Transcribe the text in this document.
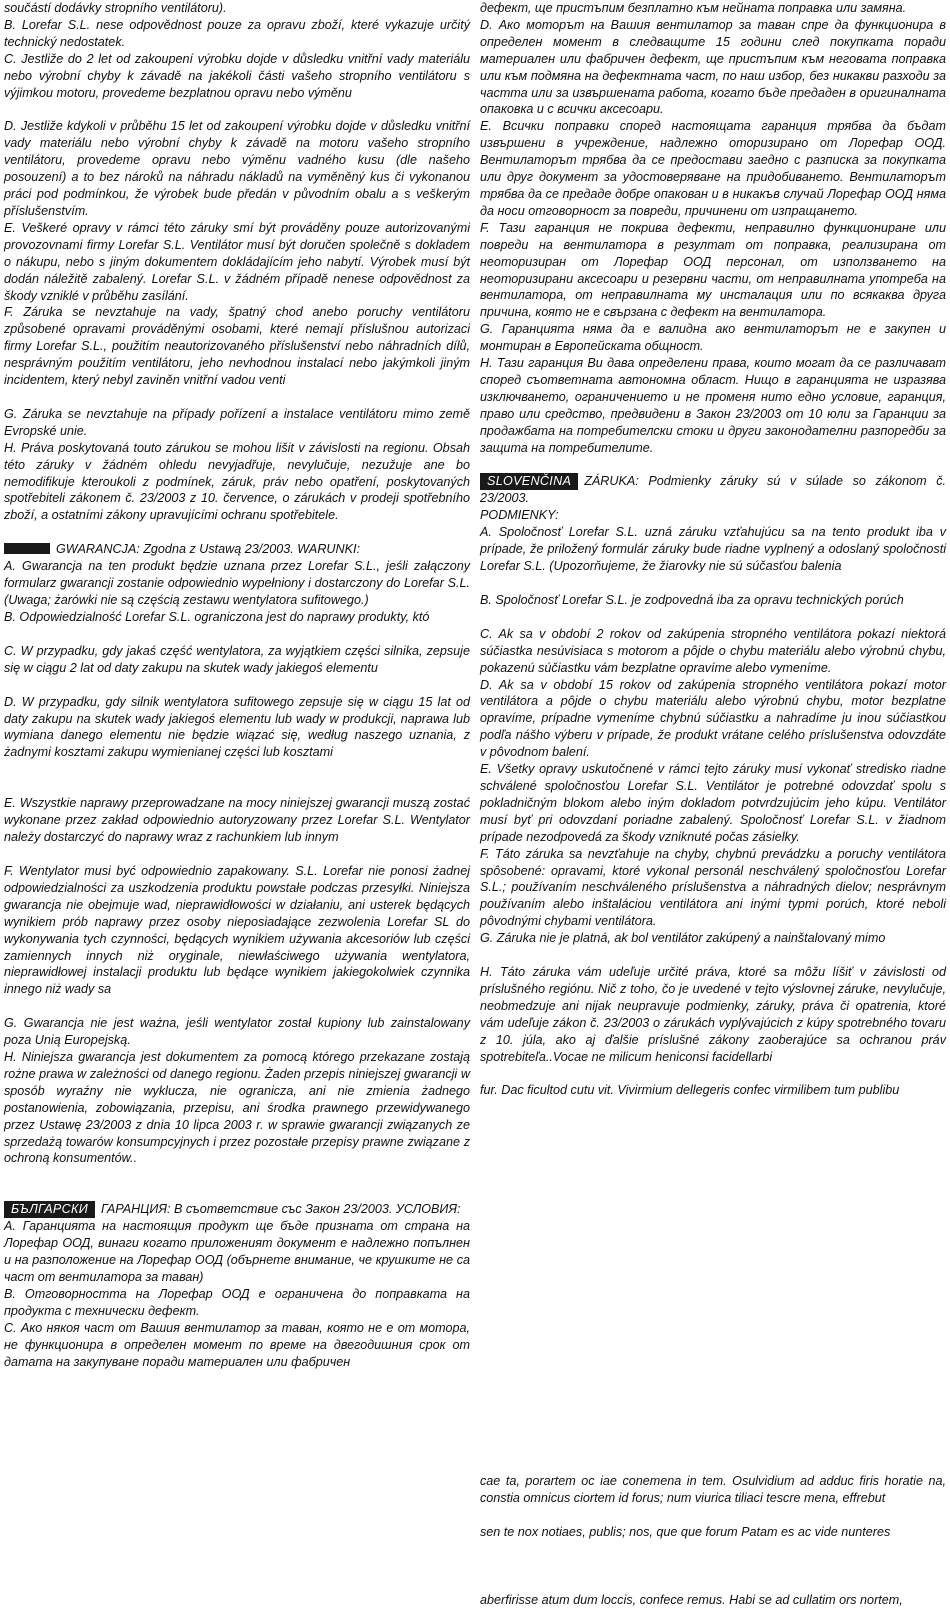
součástí dodávky stropního ventilátoru).
B. Lorefar S.L. nese odpovědnost pouze za opravu zboží, které vykazuje určitý technický nedostatek.
C. Jestliže do 2 let od zakoupení výrobku dojde v důsledku vnitřní vady materiálu nebo výrobní chyby k závadě na jakékoli části vašeho stropního ventilátoru s výjimkou motoru, provedeme bezplatnou opravu nebo výměnu
D. Jestliže kdykoli v průběhu 15 let od zakoupení výrobku dojde v důsledku vnitřní vady materiálu nebo výrobní chyby k závadě na motoru vašeho stropního ventilátoru, provedeme opravu nebo výměnu vadného kusu (dle našeho posouzení) a to bez nároků na náhradu nákladů na vyměněný kus či vykonanou práci pod podmínkou, že výrobek bude předán v původním obalu a s veškerým příslušenstvím.
E. Veškeré opravy v rámci této záruky smí být prováděny pouze autorizovanými provozovnami firmy Lorefar S.L. Ventilátor musí být doručen společně s dokladem o nákupu, nebo s jiným dokumentem dokládajícím jeho nabytí. Výrobek musí být dodán náležitě zabalený. Lorefar S.L. v žádném případě nenese odpovědnost za škody vzniklé v průběhu zasílání.
F. Záruka se nevztahuje na vady, špatný chod anebo poruchy ventilátoru způsobené opravami prováděnými osobami, které nemají příslušnou autorizaci firmy Lorefar S.L., použitím neautorizovaného příslušenství nebo náhradních dílů, nesprávným použitím ventilátoru, jeho nevhodnou instalací nebo jakýmkoli jiným incidentem, který nebyl zaviněn vnitřní vadou venti
G. Záruka se nevztahuje na případy pořízení a instalace ventilátoru mimo země Evropské unie.
H. Práva poskytovaná touto zárukou se mohou lišit v závislosti na regionu. Obsah této záruky v žádném ohledu nevyjadřuje, nevylučuje, nezužuje ane bo nemodifikuje kteroukoli z podmínek, záruk, práv nebo opatření, poskytovaných spotřebiteli zákonem č. 23/2003 z 10. července, o zárukách v prodeji spotřebního zboží, a ostatními zákony upravujícími ochranu spotřebitele.
GWARANCJA: Zgodna z Ustawą 23/2003. WARUNKI:
A. Gwarancja na ten produkt będzie uznana przez Lorefar S.L., jeśli załączony formularz gwarancji zostanie odpowiednio wypełniony i dostarczony do Lorefar S.L. (Uwaga; żarówki nie są częścią zestawu wentylatora sufitowego.)
B. Odpowiedzialność Lorefar S.L. ograniczona jest do naprawy produkty, któ
C. W przypadku, gdy jakaś część wentylatora, za wyjątkiem części silnika, zepsuje się w ciągu 2 lat od daty zakupu na skutek wady jakiegoś elementu
D. W przypadku, gdy silnik wentylatora sufitowego zepsuje się w ciągu 15 lat od daty zakupu na skutek wady jakiegoś elementu lub wady w produkcji, naprawa lub wymiana danego elementu nie będzie wiązać się, według naszego uznania, z żadnymi kosztami zakupu wymienianej części lub kosztami
E. Wszystkie naprawy przeprowadzane na mocy niniejszej gwarancji muszą zostać wykonane przez zakład odpowiednio autoryzowany przez Lorefar S.L. Wentylator należy dostarczyć do naprawy wraz z rachunkiem lub innym
F. Wentylator musi być odpowiednio zapakowany. S.L. Lorefar nie ponosi żadnej odpowiedzialności za uszkodzenia produktu powstałe podczas przesyłki. Niniejsza gwarancja nie obejmuje wad, nieprawidłowości w działaniu, ani usterek będących wynikiem prób naprawy przez osoby nieposiadające zezwolenia Lorefar SL do wykonywania tych czynności, będących wynikiem używania akcesoriów lub części zamiennych innych niż oryginale, niewłaściwego używania wentylatora, nieprawidłowej instalacji produktu lub będące wynikiem jakiegokolwiek czynnika innego niż wady sa
G. Gwarancja nie jest ważna, jeśli wentylator został kupiony lub zainstalowany poza Unią Europejską.
H. Niniejsza gwarancja jest dokumentem za pomocą którego przekazane zostają rożne prawa w zależności od danego regionu. Żaden przepis niniejszej gwarancji w sposób wyraźny nie wyklucza, nie ogranicza, ani nie zmienia żadnego postanowienia, zobowiązania, przepisu, ani środka prawnego przewidywanego przez Ustawę 23/2003 z dnia 10 lipca 2003 r. w sprawie gwarancji związanych ze sprzedażą towarów konsumpcyjnych i przez pozostałe przepisy prawne związane z ochroną konsumentów..
БЪЛГАРСКИ ГАРАНЦИЯ: В съответствие със Закон 23/2003. УСЛОВИЯ:
A. Гаранцията на настоящия продукт ще бъде призната от страна на Лорефар ООД, винаги когато приложеният документ е надлежно попълнен и на разположение на Лорефар ООД (обърнете внимание, че крушките не са част от вентилатора за таван)
B. Отговорността на Лорефар ООД е ограничена до поправката на продукта с технически дефект.
C. Ако някоя част от Вашия вентилатор за таван, която не е от мотора, не функционира в определен момент по време на двегодишния срок от датата на закупуване поради материален или фабричен
дефект, ще пристъпим безплатно към нейната поправка или замяна.
D. Ако моторът на Вашия вентилатор за таван спре да функционира в определен момент в следващите 15 години след покупката поради материален или фабричен дефект, ще пристъпим към неговата поправка или към подмяна на дефектната част, по наш избор, без никакви разходи за частта или за извършената работа, когато бъде предаден в оригиналната опаковка и с всички аксесоари.
E. Всички поправки според настоящата гаранция трябва да бъдат извършени в учреждение, надлежно оторизирано от Лорефар ООД. Вентилаторът трябва да се предостави заедно с разписка за покупката или друг документ за удостоверяване на придобиването. Вентилаторът трябва да се предаде добре опакован и в никакъв случай Лорефар ООД няма да носи отговорност за повреди, причинени от изпращането.
F. Тази гаранция не покрива дефекти, неправилно функциониране или повреди на вентилатора в резултат от поправка, реализирана от неоторизиран от Лорефар ООД персонал, от използването на неоторизирани аксесоари и резервни части, от неправилната употреба на вентилатора, от неправилната му инсталация или по всякаква друга причина, която не е свързана с дефект на вентилатора.
G. Гаранцията няма да е валидна ако вентилаторът не е закупен и монтиран в Европейската общност.
H. Тази гаранция Ви дава определени права, които могат да се различават според съответната автономна област. Нищо в гаранцията не изразява изключването, ограничението и не променя нито едно условие, гаранция, право или средство, предвидени в Закон 23/2003 от 10 юли за Гаранции за продажбата на потребителски стоки и други законодателни разпоредби за защита на потребителите.
SLOVENČINA ZÁRUKA: Podmienky záruky sú v súlade so zákonom č. 23/2003.
PODMIENKY:
A. Spoločnosť Lorefar S.L. uzná záruku vzťahujúcu sa na tento produkt iba v prípade, že priložený formulár záruky bude riadne vyplnený a odoslaný spoločnosti Lorefar S.L. (Upozorňujeme, že žiarovky nie sú súčasťou balenia
B. Spoločnosť Lorefar S.L. je zodpovedná iba za opravu technických porúch
C. Ak sa v období 2 rokov od zakúpenia stropného ventilátora pokazí niektorá súčiastka nesúvisiaca s motorom a pôjde o chybu materiálu alebo výrobnú chybu, pokazenú súčiastku vám bezplatne opravíme alebo vymeníme.
D. Ak sa v období 15 rokov od zakúpenia stropného ventilátora pokazí motor ventilátora a pôjde o chybu materiálu alebo výrobnú chybu, motor bezplatne opravíme, prípadne vymeníme chybnú súčiastku a nahradíme ju inou súčiastkou podľa nášho výberu v prípade, že produkt vrátane celého príslušenstva odovzdáte v pôvodnom balení.
E. Všetky opravy uskutočnené v rámci tejto záruky musí vykonať stredisko riadne schválené spoločnosťou Lorefar S.L. Ventilátor je potrebné odovzdať spolu s pokladničným blokom alebo iným dokladom potvrdzujúcim jeho kúpu. Ventilátor musí byť pri odovzdaní poriadne zabalený. Spoločnosť Lorefar S.L. v žiadnom prípade nezodpovedá za škody vzniknuté počas zásielky.
F. Táto záruka sa nevzťahuje na chyby, chybnú prevádzku a poruchy ventilátora spôsobené: opravami, ktoré vykonal personál neschválený spoločnosťou Lorefar S.L.; používaním neschváleného príslušenstva a náhradných dielov; nesprávnym používaním alebo inštaláciou ventilátora ani inými typmi porúch, ktoré neboli pôvodnými chybami ventilátora.
G. Záruka nie je platná, ak bol ventilátor zakúpený a nainštalovaný mimo
H. Táto záruka vám udeľuje určité práva, ktoré sa môžu líšiť v závislosti od príslušného regiónu. Nič z toho, čo je uvedené v tejto výslovnej záruke, nevylučuje, neobmedzuje ani nijak neupravuje podmienky, záruky, práva či opatrenia, ktoré vám udeľuje zákon č. 23/2003 o zárukách vyplývajúcich z kúpy spotrebného tovaru z 10. júla, ako aj ďalšie príslušné zákony zaoberajúce sa ochranou práv spotrebiteľa..Vocae ne milicum heniconsi facidellarbi
fur. Dac ficultod cutu vit. Vivirmium dellegeris confec virmilibem tum publibu
cae ta, porartem oc iae conemena in tem. Osulvidium ad adduc firis horatie na, constia omnicus ciortem id forus; num viurica tiliaci tescre mena, effrebut
sen te nox notiaes, publis; nos, que que forum Patam es ac vide nunteres
aberfirisse atum dum loccis, confece remus. Habi se ad cullatim ors nortem,
